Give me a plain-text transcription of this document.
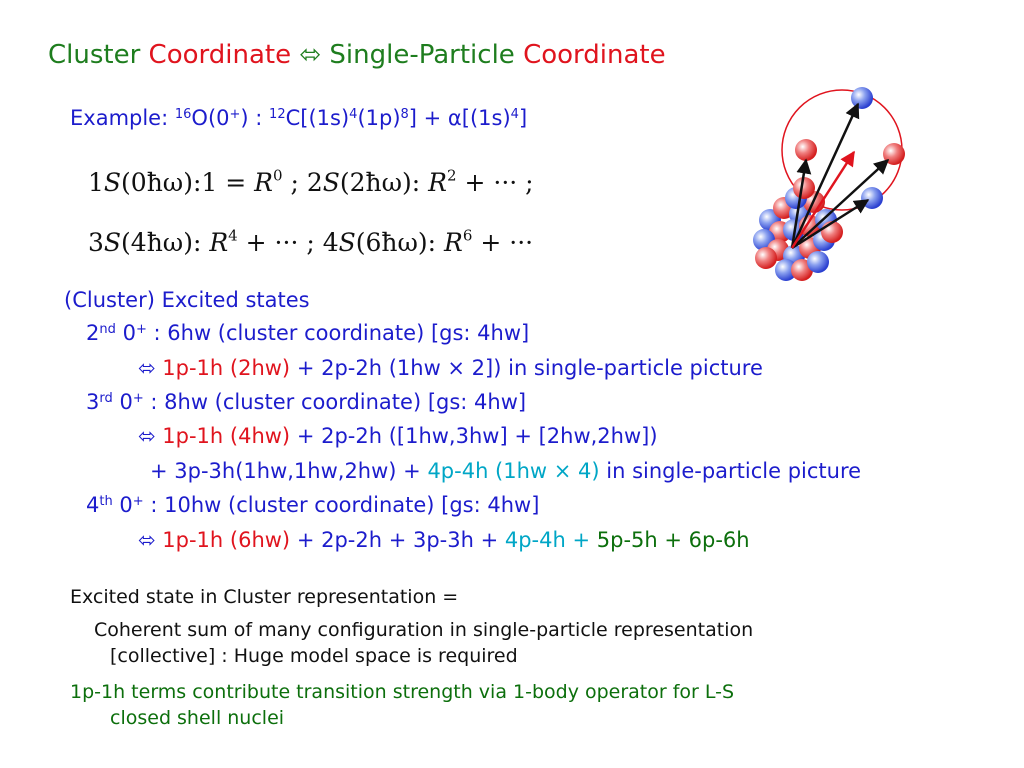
Cluster Coordinate ⬄ Single-Particle Coordinate
Example: $^{16}$O(0+) : $^{12}C[(1s)^4(1p)^8] + \alpha[(1s)^4]$
1S(0ħω):1 = $R^0$ ; 2S(2ħω): $R^2$ + ··· ;
3S(4ħω): $R^4$ + ··· ; 4S(6ħω): $R^6$ + ···
(Cluster) Excited states
2nd 0+ : 6hw (cluster coordinate) [gs: 4hw]
⬄ 1p-1h (2hw) + 2p-2h (1hw × 2]) in single-particle picture
3rd 0+ : 8hw (cluster coordinate) [gs: 4hw]
⬄ 1p-1h (4hw) + 2p-2h ([1hw,3hw] + [2hw,2hw])
+ 3p-3h(1hw,1hw,2hw) + 4p-4h (1hw × 4) in single-particle picture
4th 0+ : 10hw (cluster coordinate) [gs: 4hw]
⬄ 1p-1h (6hw) + 2p-2h + 3p-3h + 4p-4h + 5p-5h + 6p-6h
Excited state in Cluster representation =
Coherent sum of many configuration in single-particle representation
[collective] : Huge model space is required
1p-1h terms contribute transition strength via 1-body operator for L-S
closed shell nuclei
